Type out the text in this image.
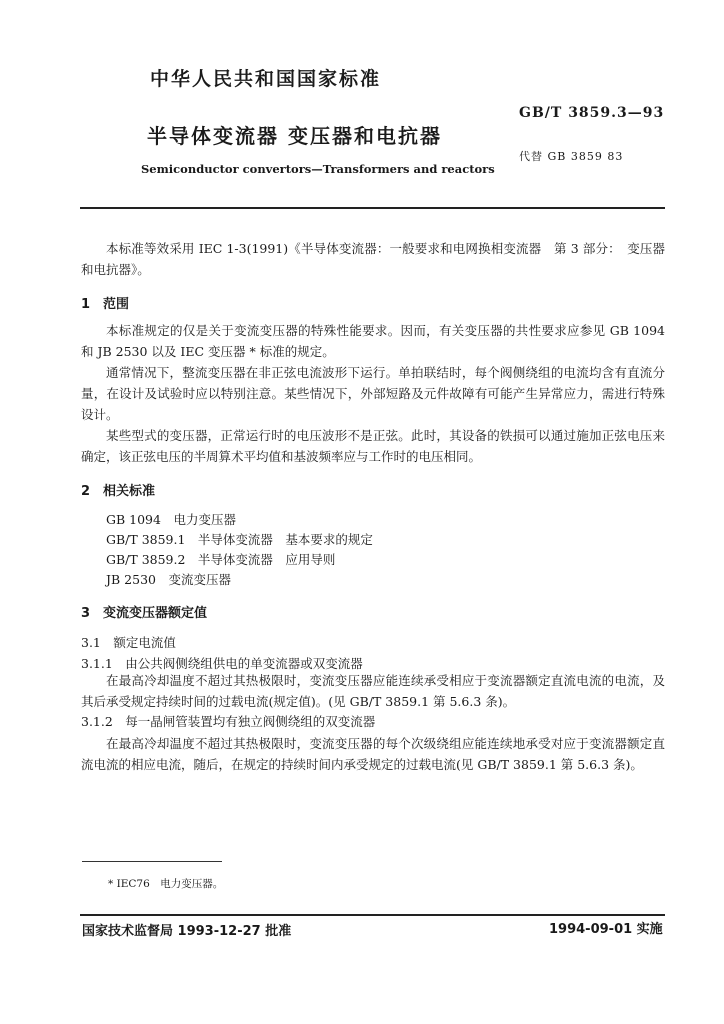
中华人民共和国国家标准
GB/T 3859.3—93
半导体变流器 变压器和电抗器
代替 GB 3859 83
Semiconductor convertors—Transformers and reactors
本标准等效采用 IEC 1-3(1991)《半导体变流器：一般要求和电网换相变流器　第 3 部分：　变压器和电抗器》。
1　范围
本标准规定的仅是关于变流变压器的特殊性能要求。因而，有关变压器的共性要求应参见 GB 1094 和 JB 2530 以及 IEC 变压器 * 标准的规定。
通常情况下，整流变压器在非正弦电流波形下运行。单拍联结时，每个阀侧绕组的电流均含有直流分量，在设计及试验时应以特别注意。某些情况下，外部短路及元件故障有可能产生异常应力，需进行特殊设计。
某些型式的变压器，正常运行时的电压波形不是正弦。此时，其设备的铁损可以通过施加正弦电压来确定，该正弦电压的半周算术平均值和基波频率应与工作时的电压相同。
2　相关标准
GB 1094　电力变压器
GB/T 3859.1　半导体变流器　基本要求的规定
GB/T 3859.2　半导体变流器　应用导则
JB 2530　变流变压器
3　变流变压器额定值
3.1　额定电流值
3.1.1　由公共阀侧绕组供电的单变流器或双变流器
在最高冷却温度不超过其热极限时，变流变压器应能连续承受相应于变流器额定直流电流的电流，及其后承受规定持续时间的过载电流(规定值)。(见 GB/T 3859.1 第 5.6.3 条)。
3.1.2　每一晶闸管装置均有独立阀侧绕组的双变流器
在最高冷却温度不超过其热极限时，变流变压器的每个次级绕组应能连续地承受对应于变流器额定直流电流的相应电流，随后，在规定的持续时间内承受规定的过载电流(见 GB/T 3859.1 第 5.6.3 条)。
* IEC76　电力变压器。
国家技术监督局 1993-12-27 批准	1994-09-01 实施
